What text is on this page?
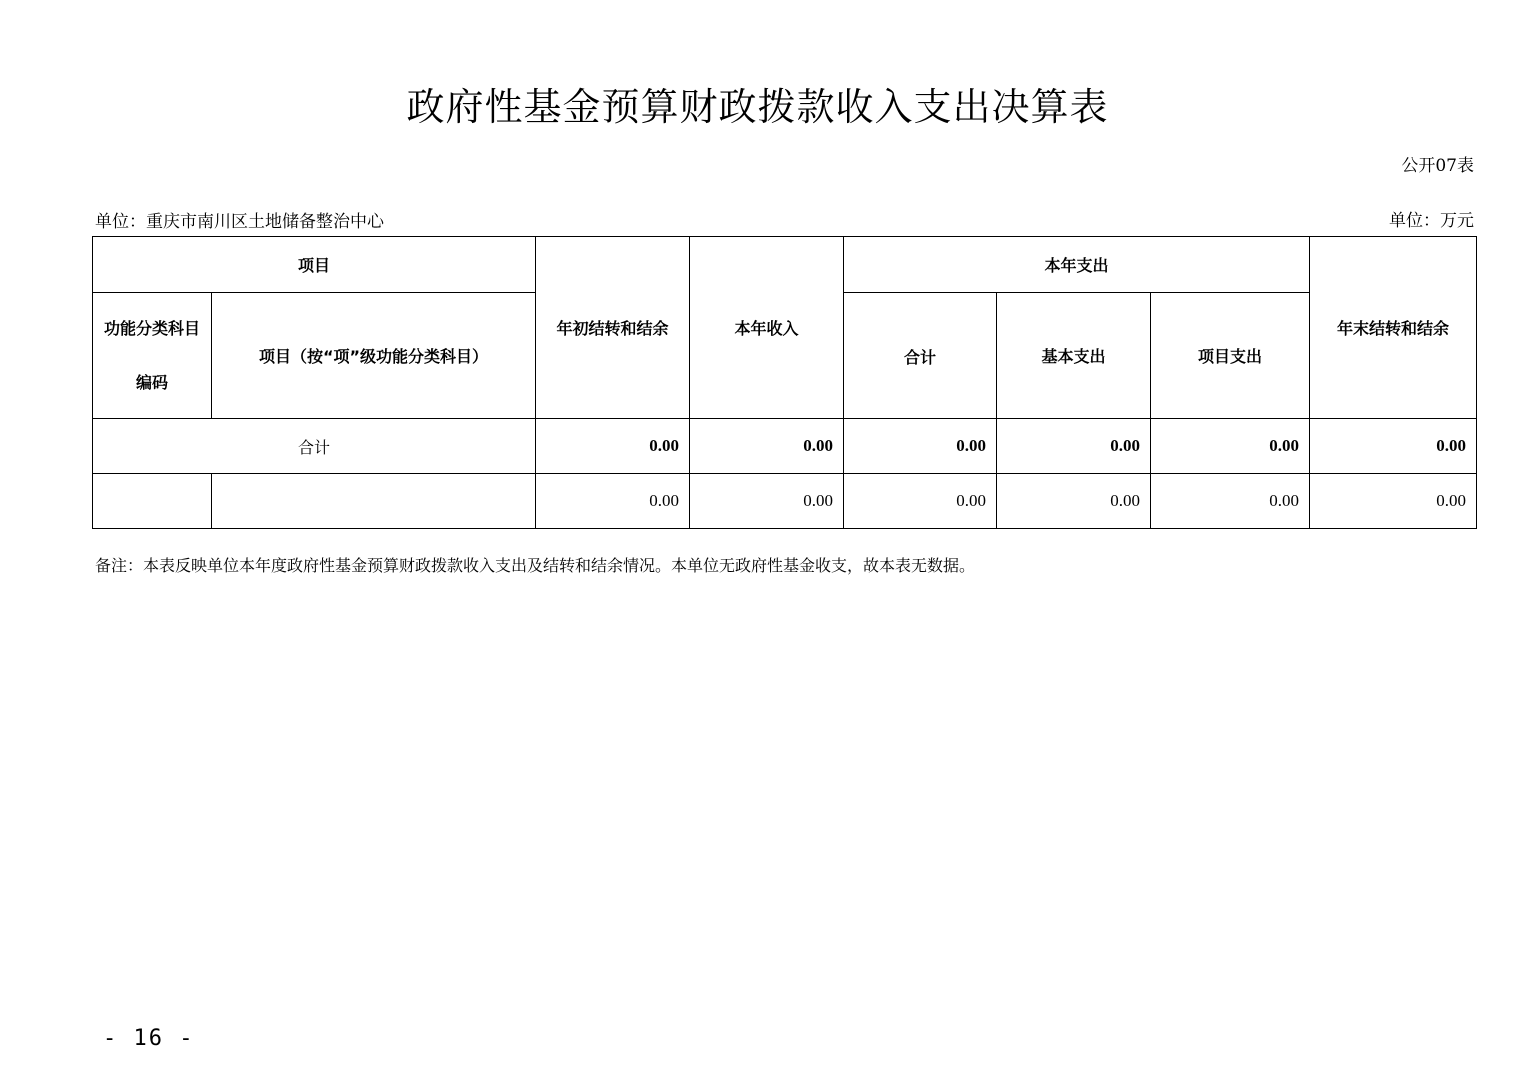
政府性基金预算财政拨款收入支出决算表
公开07表
单位：重庆市南川区土地储备整治中心	单位：万元
项目		年初结转和结余	本年收入	本年支出			年末结转和结余

功能分类科目
编码	项目（按“项”级功能分类科目）			合计	基本支出	项目支出	
合计		0.00	0.00	0.00	0.00	0.00	0.00
		0.00	0.00	0.00	0.00	0.00	0.00
备注：本表反映单位本年度政府性基金预算财政拨款收入支出及结转和结余情况。本单位无政府性基金收支，故本表无数据。
- 16 -
